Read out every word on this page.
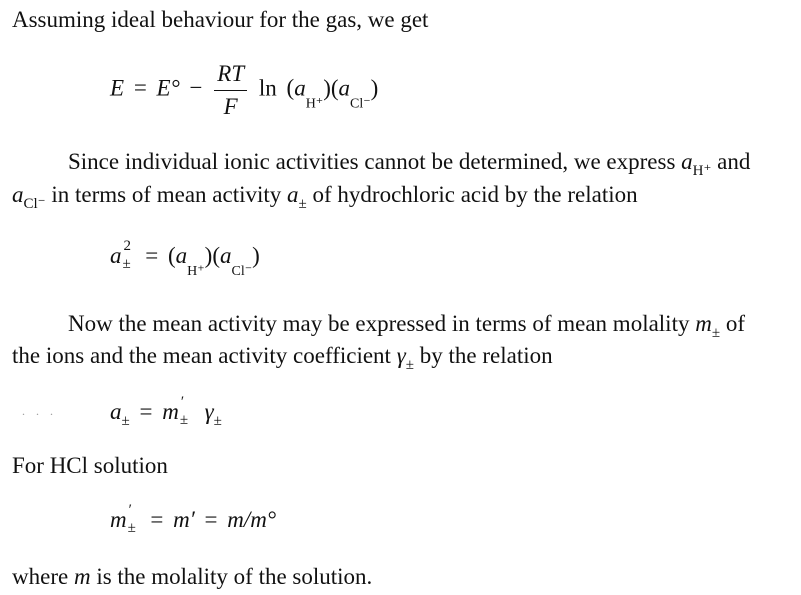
Assuming ideal behaviour for the gas, we get
$E = E^\circ - \frac{RT}{F}$ $\ln (a_{H^+})(a_{Cl^-})$
Since individual ionic activities cannot be determined, we express $a_{H^+}$ and
$a_{Cl^-}$ in terms of mean activity $a_\pm$ of hydrochloric acid by the relation
a 2
± = $(a_{H^+})(a_{Cl^-})$
Now the mean activity may be expressed in terms of mean molality $m_\pm$ of
the ions and the mean activity coefficient $\gamma_\pm$ by the relation
. . . $a_\pm = m$ ′
± $\gamma_\pm$
For HCl solution
m ′
± = m′ = m/m°
where m is the molality of the solution.
